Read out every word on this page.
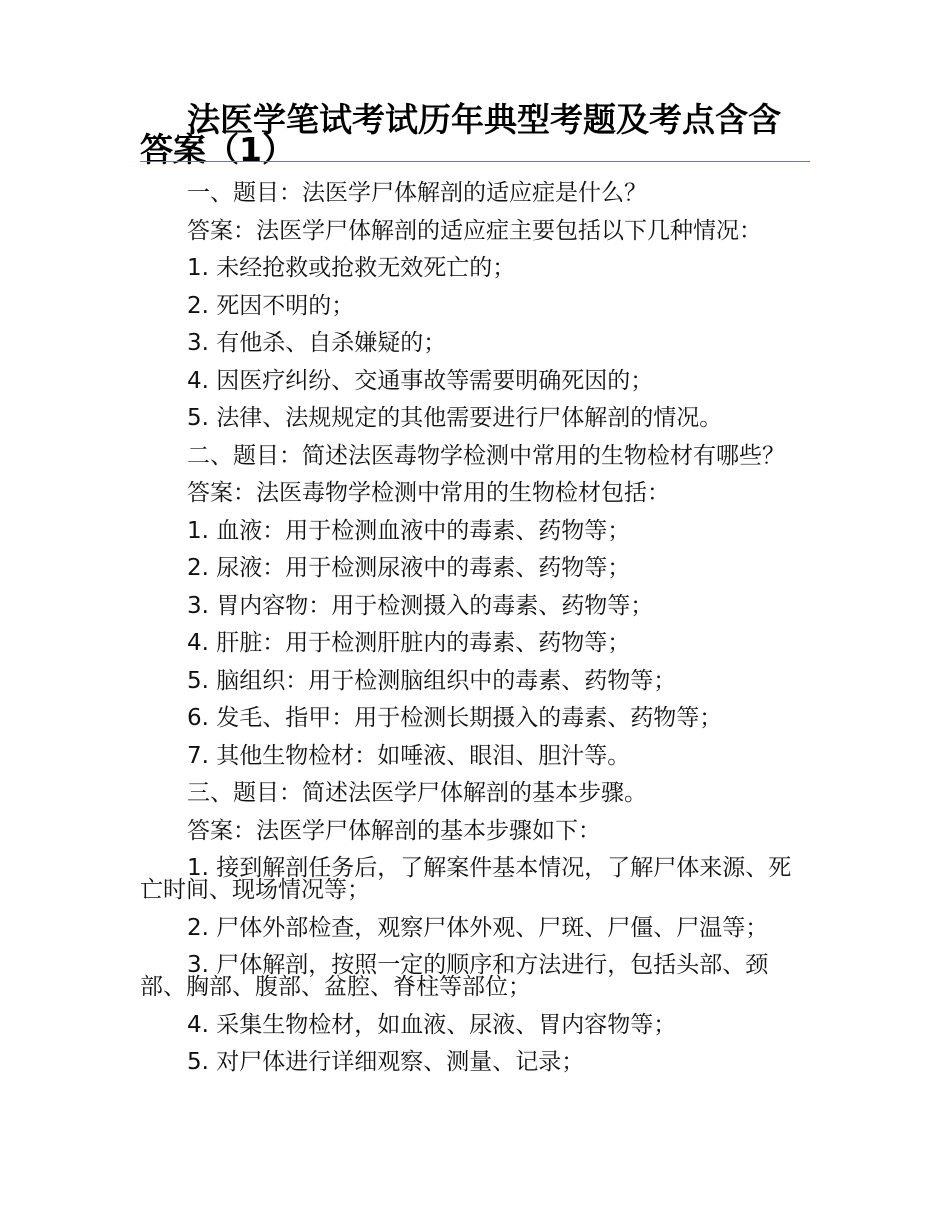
法医学笔试考试历年典型考题及考点含含答案（1）
一、题目：法医学尸体解剖的适应症是什么？
答案：法医学尸体解剖的适应症主要包括以下几种情况：
1. 未经抢救或抢救无效死亡的；
2. 死因不明的；
3. 有他杀、自杀嫌疑的；
4. 因医疗纠纷、交通事故等需要明确死因的；
5. 法律、法规规定的其他需要进行尸体解剖的情况。
二、题目：简述法医毒物学检测中常用的生物检材有哪些？
答案：法医毒物学检测中常用的生物检材包括：
1. 血液：用于检测血液中的毒素、药物等；
2. 尿液：用于检测尿液中的毒素、药物等；
3. 胃内容物：用于检测摄入的毒素、药物等；
4. 肝脏：用于检测肝脏内的毒素、药物等；
5. 脑组织：用于检测脑组织中的毒素、药物等；
6. 发毛、指甲：用于检测长期摄入的毒素、药物等；
7. 其他生物检材：如唾液、眼泪、胆汁等。
三、题目：简述法医学尸体解剖的基本步骤。
答案：法医学尸体解剖的基本步骤如下：
1. 接到解剖任务后，了解案件基本情况，了解尸体来源、死亡时间、现场情况等；
2. 尸体外部检查，观察尸体外观、尸斑、尸僵、尸温等；
3. 尸体解剖，按照一定的顺序和方法进行，包括头部、颈部、胸部、腹部、盆腔、脊柱等部位；
4. 采集生物检材，如血液、尿液、胃内容物等；
5. 对尸体进行详细观察、测量、记录；
